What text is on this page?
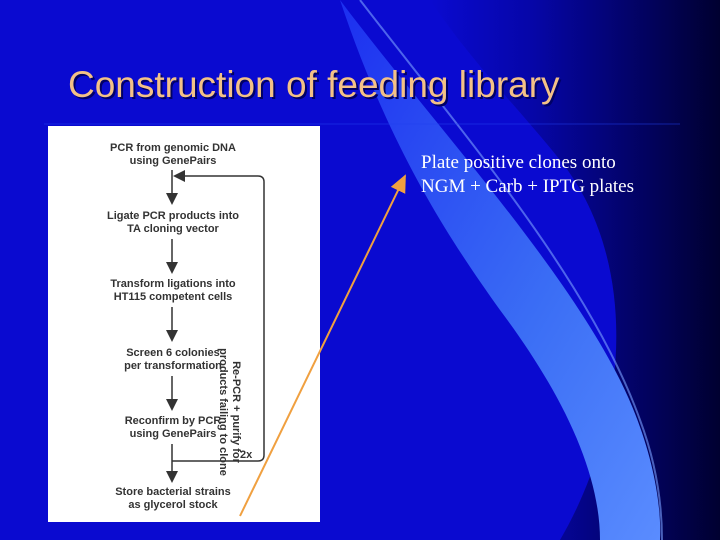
Construction of feeding library
PCR from genomic DNA
using GenePairs
Ligate PCR products into
TA cloning vector
Transform ligations into
HT115 competent cells
Screen 6 colonies
per transformation
Reconfirm by PCR
using GenePairs
Store bacterial strains
as glycerol stock
Re-PCR + purify for
products failing to clone 2x
Plate positive clones onto
NGM + Carb + IPTG plates
